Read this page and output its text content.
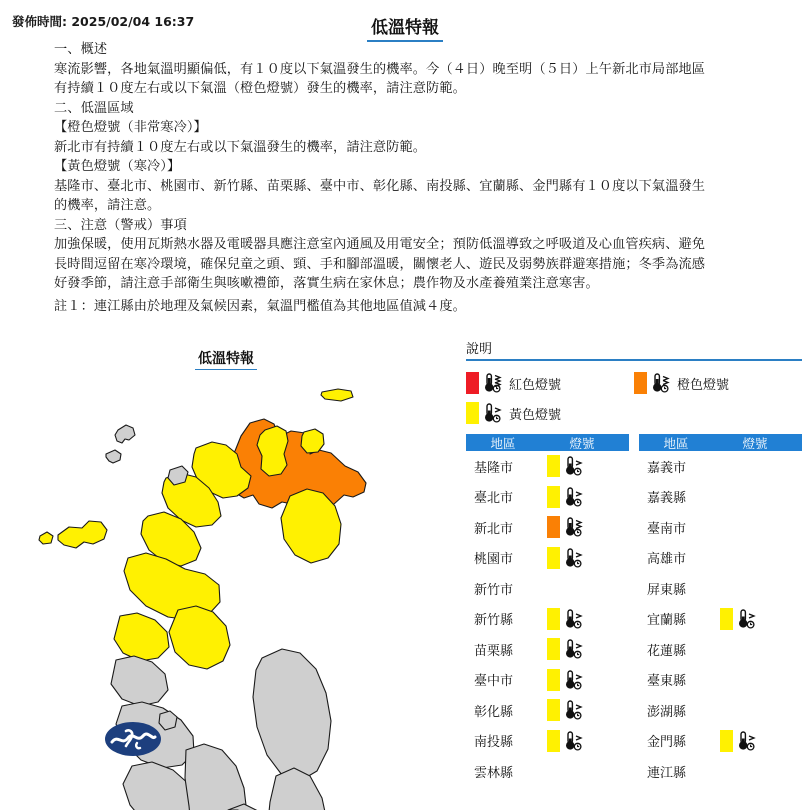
發佈時間: 2025/02/04 16:37	低溫特報
一、概述
寒流影響，各地氣溫明顯偏低，有１０度以下氣溫發生的機率。今（４日）晚至明（５日）上午新北市局部地區
有持續１０度左右或以下氣溫（橙色燈號）發生的機率，請注意防範。
二、低溫區域
【橙色燈號（非常寒冷）】
新北市有持續１０度左右或以下氣溫發生的機率，請注意防範。
【黃色燈號（寒冷）】
基隆市、臺北市、桃園市、新竹縣、苗栗縣、臺中市、彰化縣、南投縣、宜蘭縣、金門縣有１０度以下氣溫發生
的機率，請注意。
三、注意（警戒）事項
加強保暖，使用瓦斯熱水器及電暖器具應注意室內通風及用電安全；預防低溫導致之呼吸道及心血管疾病、避免
長時間逗留在寒冷環境，確保兒童之頭、頸、手和腳部溫暖，關懷老人、遊民及弱勢族群避寒措施；冬季為流感
好發季節，請注意手部衛生與咳嗽禮節，落實生病在家休息；農作物及水產養殖業注意寒害。
註１：連江縣由於地理及氣候因素，氣溫門檻值為其他地區值減４度。
低溫特報
說明
紅色燈號	橙色燈號
黃色燈號
地區	燈號
基隆市
臺北市
新北市
桃園市
新竹市
新竹縣
苗栗縣
臺中市
彰化縣
南投縣
雲林縣
地區	燈號
嘉義市
嘉義縣
臺南市
高雄市
屏東縣
宜蘭縣
花蓮縣
臺東縣
澎湖縣
金門縣
連江縣
